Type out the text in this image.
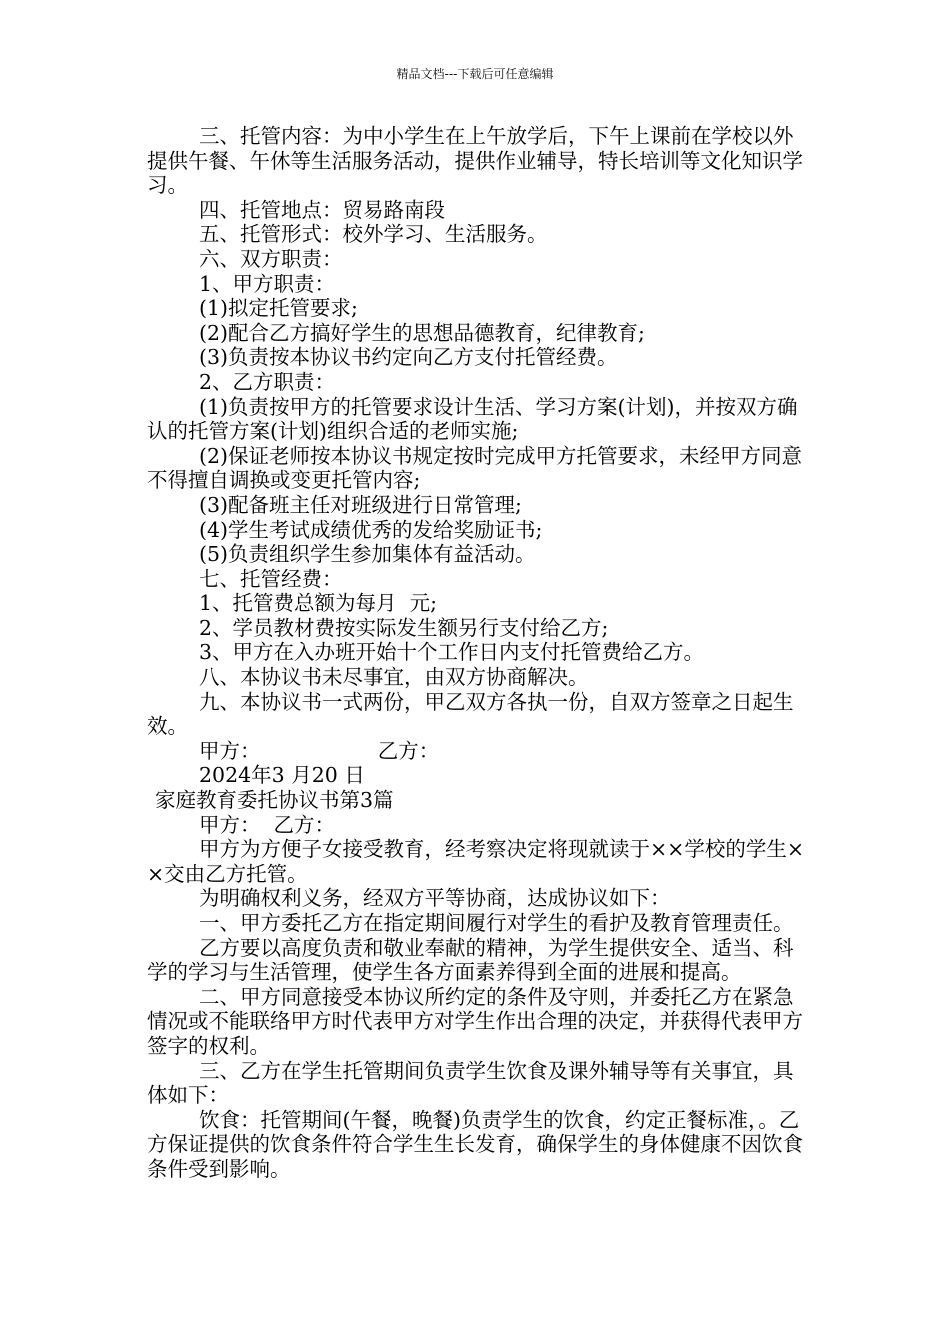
精品文档---下载后可任意编辑

三、托管内容：为中小学生在上午放学后，下午上课前在学校以外提供午餐、午休等生活服务活动，提供作业辅导，特长培训等文化知识学习。

四、托管地点：贸易路南段

五、托管形式：校外学习、生活服务。

六、双方职责：

1、甲方职责：

(1)拟定托管要求;

(2)配合乙方搞好学生的思想品德教育，纪律教育;

(3)负责按本协议书约定向乙方支付托管经费。

2、乙方职责：

(1)负责按甲方的托管要求设计生活、学习方案(计划)，并按双方确认的托管方案(计划)组织合适的老师实施;

(2)保证老师按本协议书规定按时完成甲方托管要求，未经甲方同意不得擅自调换或变更托管内容;

(3)配备班主任对班级进行日常管理;

(4)学生考试成绩优秀的发给奖励证书;

(5)负责组织学生参加集体有益活动。

七、托管经费：

1、托管费总额为每月  元;

2、学员教材费按实际发生额另行支付给乙方;

3、甲方在入办班开始十个工作日内支付托管费给乙方。

八、本协议书未尽事宜，由双方协商解决。

九、本协议书一式两份，甲乙双方各执一份，自双方签章之日起生效。

甲方：                  乙方：

2024年3 月20 日

家庭教育委托协议书第3篇

甲方：  乙方：

甲方为方便子女接受教育，经考察决定将现就读于××学校的学生××交由乙方托管。

为明确权利义务，经双方平等协商，达成协议如下：

一、甲方委托乙方在指定期间履行对学生的看护及教育管理责任。

乙方要以高度负责和敬业奉献的精神，为学生提供安全、适当、科学的学习与生活管理，使学生各方面素养得到全面的进展和提高。

二、甲方同意接受本协议所约定的条件及守则，并委托乙方在紧急情况或不能联络甲方时代表甲方对学生作出合理的决定，并获得代表甲方签字的权利。

三、乙方在学生托管期间负责学生饮食及课外辅导等有关事宜，具体如下：

饮食：托管期间(午餐，晚餐)负责学生的饮食，约定正餐标准，。乙方保证提供的饮食条件符合学生生长发育，确保学生的身体健康不因饮食条件受到影响。
